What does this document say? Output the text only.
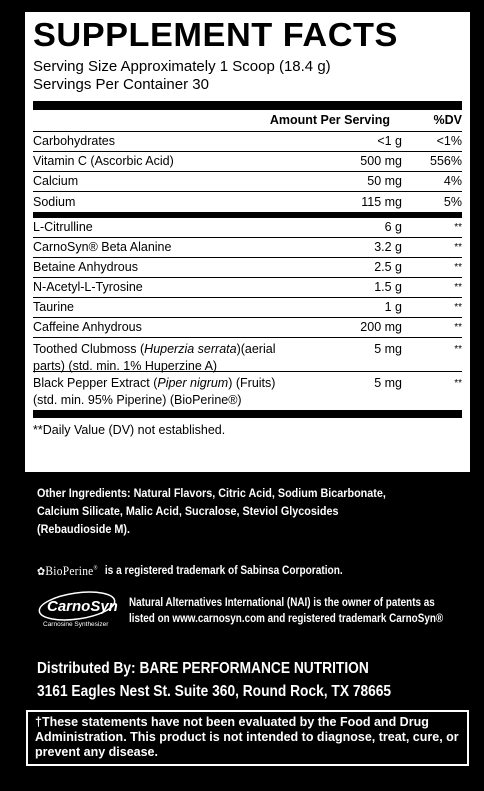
SUPPLEMENT FACTS
Serving Size Approximately 1 Scoop (18.4 g)
Servings Per Container 30
Amount Per Serving	%DV
Carbohydrates	<1 g	<1%
Vitamin C (Ascorbic Acid)	500 mg	556%
Calcium	50 mg	4%
Sodium	115 mg	5%
L-Citrulline	6 g	**
CarnoSyn® Beta Alanine	3.2 g	**
Betaine Anhydrous	2.5 g	**
N-Acetyl-L-Tyrosine	1.5 g	**
Taurine	1 g	**
Caffeine Anhydrous	200 mg	**
Toothed Clubmoss (Huperzia serrata)(aerial
parts) (std. min. 1% Huperzine A)
5 mg	**
Black Pepper Extract (Piper nigrum) (Fruits)
(std. min. 95% Piperine) (BioPerine®)
5 mg	**
**Daily Value (DV) not established.
Other Ingredients: Natural Flavors, Citric Acid, Sodium Bicarbonate, Calcium Silicate, Malic Acid, Sucralose, Steviol Glycosides (Rebaudioside M).
✿BioPerine® is a registered trademark of Sabinsa Corporation.
CarnoSyn
Carnosine Synthesizer
Natural Alternatives International (NAI) is the owner of patents as
listed on www.carnosyn.com and registered trademark CarnoSyn®
Distributed By: BARE PERFORMANCE NUTRITION
3161 Eagles Nest St. Suite 360, Round Rock, TX 78665
†These statements have not been evaluated by the Food and Drug Administration. This product is not intended to diagnose, treat, cure, or prevent any disease.
